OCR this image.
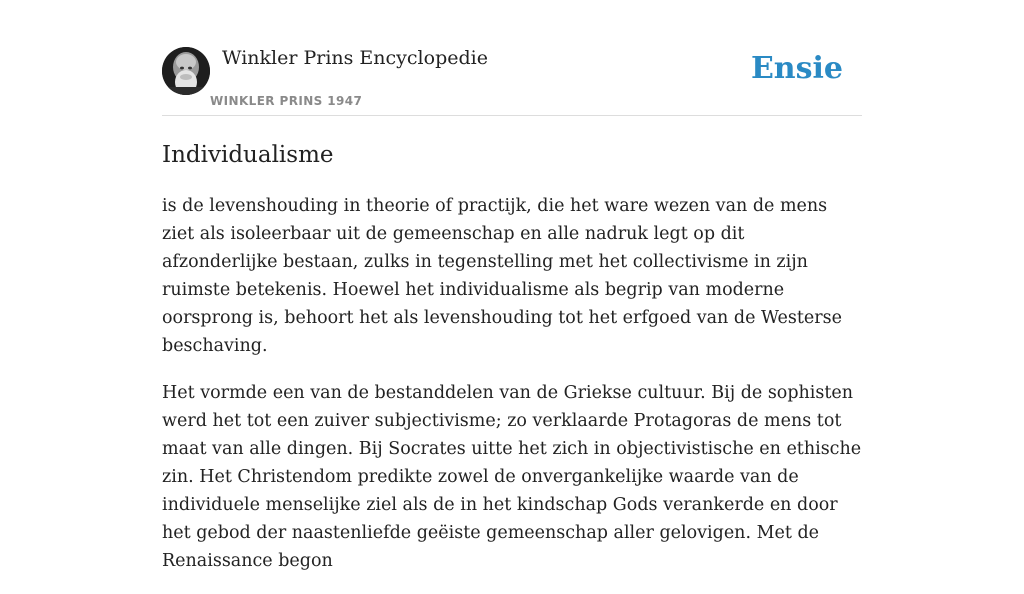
Winkler Prins Encyclopedie
WINKLER PRINS 1947
Ensie
Individualisme

is de levenshouding in theorie of practijk, die het ware wezen van de mens ziet als isoleerbaar uit de gemeenschap en alle nadruk legt op dit afzonderlijke bestaan, zulks in tegenstelling met het collectivisme in zijn ruimste betekenis. Hoewel het individualisme als begrip van moderne oorsprong is, behoort het als levenshouding tot het erfgoed van de Westerse beschaving.

Het vormde een van de bestanddelen van de Griekse cultuur. Bij de sophisten werd het tot een zuiver subjectivisme; zo verklaarde Protagoras de mens tot maat van alle dingen. Bij Socrates uitte het zich in objectivistische en ethische zin. Het Christendom predikte zowel de onvergankelijke waarde van de individuele menselijke ziel als de in het kindschap Gods verankerde en door het gebod der naastenliefde geëiste gemeenschap aller gelovigen. Met de Renaissance begon
